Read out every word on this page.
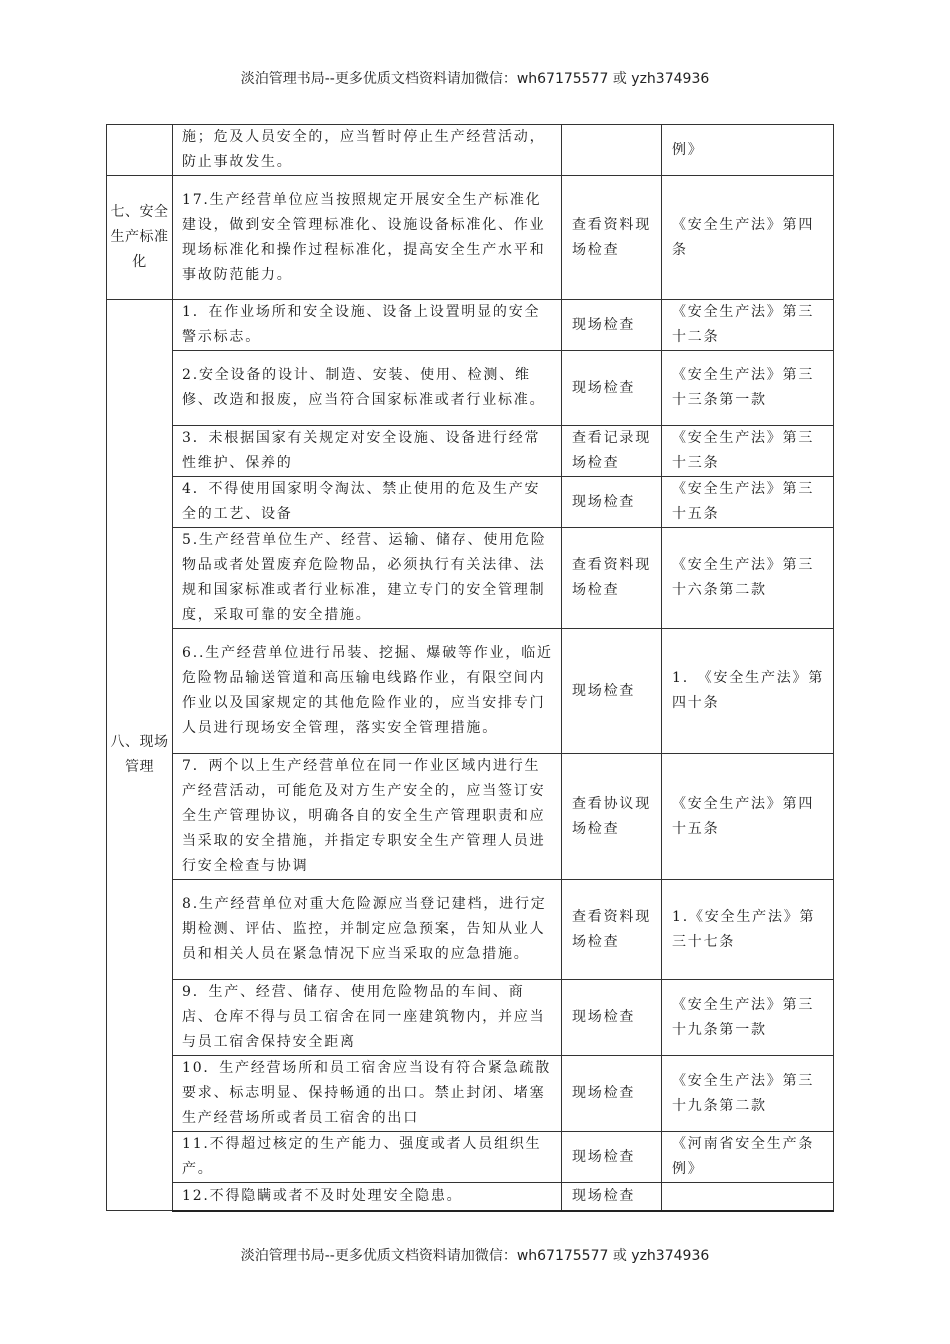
淡泊管理书局--更多优质文档资料请加微信：wh67175577 或 yzh374936
	施；危及人员安全的，应当暂时停止生产经营活动，防止事故发生。		例》
七、安全生产标准化	17.生产经营单位应当按照规定开展安全生产标准化建设，做到安全管理标准化、设施设备标准化、作业现场标准化和操作过程标准化，提高安全生产水平和事故防范能力。	查看资料现场检查	《安全生产法》第四条
八、现场管理	1．在作业场所和安全设施、设备上设置明显的安全警示标志。	现场检查	《安全生产法》第三十二条
	2.安全设备的设计、制造、安装、使用、检测、维修、改造和报废，应当符合国家标准或者行业标准。	现场检查	《安全生产法》第三十三条第一款
	3．未根据国家有关规定对安全设施、设备进行经常性维护、保养的	查看记录现场检查	《安全生产法》第三十三条
	4．不得使用国家明令淘汰、禁止使用的危及生产安全的工艺、设备	现场检查	《安全生产法》第三十五条
	5.生产经营单位生产、经营、运输、储存、使用危险物品或者处置废弃危险物品，必须执行有关法律、法规和国家标准或者行业标准，建立专门的安全管理制度，采取可靠的安全措施。	查看资料现场检查	《安全生产法》第三十六条第二款
	6..生产经营单位进行吊装、挖掘、爆破等作业，临近危险物品输送管道和高压输电线路作业，有限空间内作业以及国家规定的其他危险作业的，应当安排专门人员进行现场安全管理，落实安全管理措施。	现场检查	1.　《安全生产法》第四十条
	7．两个以上生产经营单位在同一作业区域内进行生产经营活动，可能危及对方生产安全的，应当签订安全生产管理协议，明确各自的安全生产管理职责和应当采取的安全措施，并指定专职安全生产管理人员进行安全检查与协调	查看协议现场检查	《安全生产法》第四十五条
	8.生产经营单位对重大危险源应当登记建档，进行定期检测、评估、监控，并制定应急预案，告知从业人员和相关人员在紧急情况下应当采取的应急措施。	查看资料现场检查	1.《安全生产法》第三十七条
	9．生产、经营、储存、使用危险物品的车间、商店、仓库不得与员工宿舍在同一座建筑物内，并应当与员工宿舍保持安全距离	现场检查	《安全生产法》第三十九条第一款
	10．生产经营场所和员工宿舍应当设有符合紧急疏散要求、标志明显、保持畅通的出口。禁止封闭、堵塞生产经营场所或者员工宿舍的出口	现场检查	《安全生产法》第三十九条第二款
	11.不得超过核定的生产能力、强度或者人员组织生产。	现场检查	《河南省安全生产条例》
	12.不得隐瞒或者不及时处理安全隐患。	现场检查	
淡泊管理书局--更多优质文档资料请加微信：wh67175577 或 yzh374936
